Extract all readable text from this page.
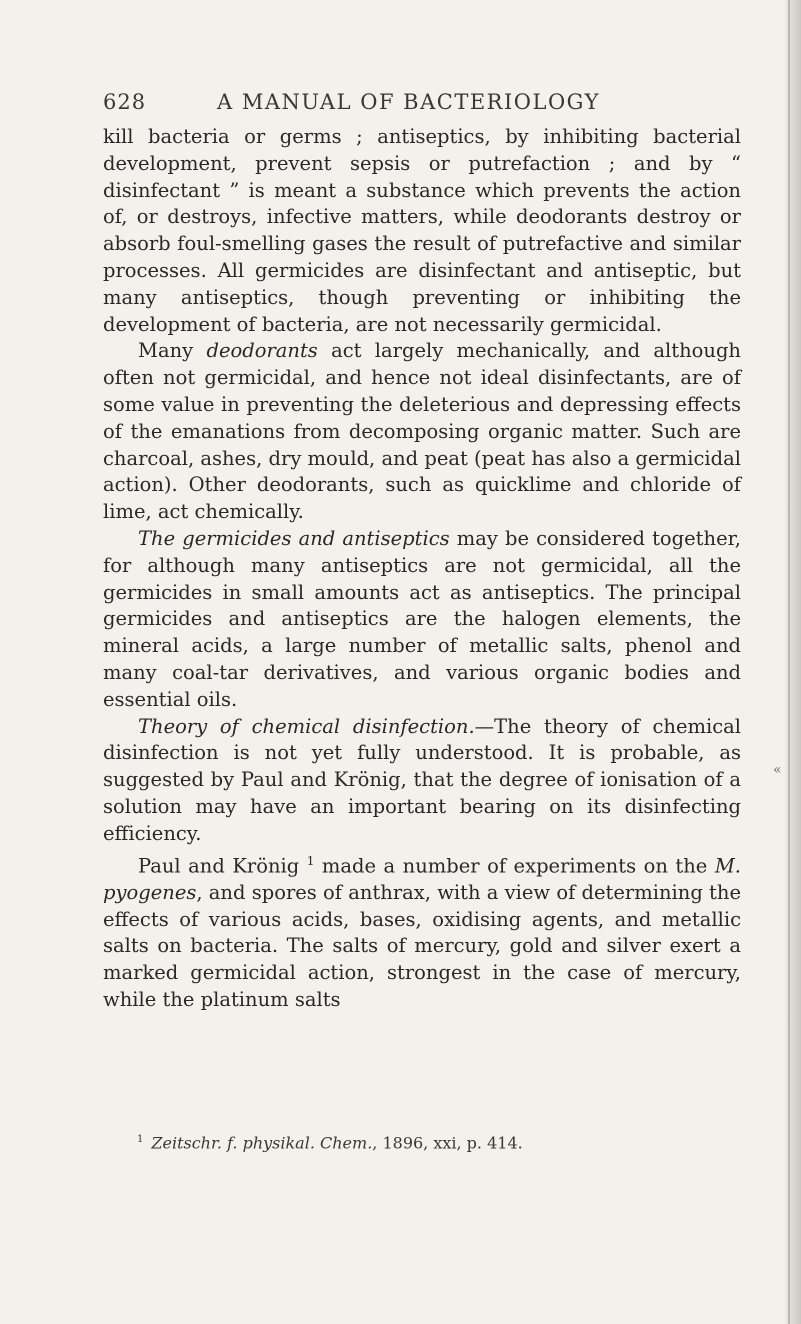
628	A MANUAL OF BACTERIOLOGY

kill bacteria or germs ; antiseptics, by inhibiting bacterial development, prevent sepsis or putrefaction ; and by “ disinfectant ” is meant a substance which prevents the action of, or destroys, infective matters, while deodorants destroy or absorb foul-smelling gases the result of putrefactive and similar processes. All germicides are disinfectant and antiseptic, but many antiseptics, though preventing or inhibiting the development of bacteria, are not necessarily germicidal.

Many deodorants act largely mechanically, and although often not germicidal, and hence not ideal disinfectants, are of some value in preventing the deleterious and depressing effects of the emanations from decomposing organic matter. Such are charcoal, ashes, dry mould, and peat (peat has also a germicidal action). Other deodorants, such as quicklime and chloride of lime, act chemically.

The germicides and antiseptics may be considered together, for although many antiseptics are not germicidal, all the germicides in small amounts act as antiseptics. The principal germicides and antiseptics are the halogen elements, the mineral acids, a large number of metallic salts, phenol and many coal-tar derivatives, and various organic bodies and essential oils.

Theory of chemical disinfection.—The theory of chemical disinfection is not yet fully understood. It is probable, as suggested by Paul and Krönig, that the degree of ionisation of a solution may have an important bearing on its disinfecting efficiency.

Paul and Krönig $^1$ made a number of experiments on the M. pyogenes, and spores of anthrax, with a view of determining the effects of various acids, bases, oxidising agents, and metallic salts on bacteria. The salts of mercury, gold and silver exert a marked germicidal action, strongest in the case of mercury, while the platinum salts

$^1$ Zeitschr. f. physikal. Chem., 1896, xxi, p. 414.
«
